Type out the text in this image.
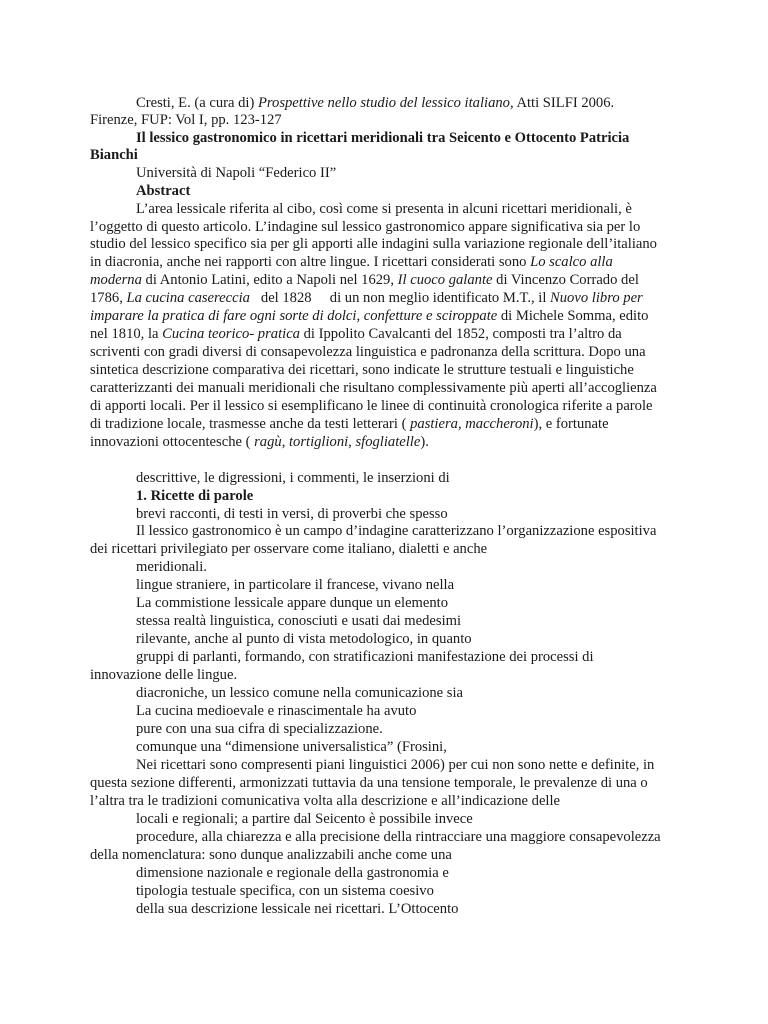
Cresti, E. (a cura di) Prospettive nello studio del lessico italiano, Atti SILFI 2006.
Firenze, FUP: Vol I, pp. 123-127
Il lessico gastronomico in ricettari meridionali tra Seicento e Ottocento Patricia
Bianchi
Università di Napoli “Federico II”
Abstract
L’area lessicale riferita al cibo, così come si presenta in alcuni ricettari meridionali, è
l’oggetto di questo articolo. L’indagine sul lessico gastronomico appare significativa sia per lo
studio del lessico specifico sia per gli apporti alle indagini sulla variazione regionale dell’italiano
in diacronia, anche nei rapporti con altre lingue. I ricettari considerati sono Lo scalco alla
moderna di Antonio Latini, edito a Napoli nel 1629, Il cuoco galante di Vincenzo Corrado del
1786, La cucina casereccia   del 1828     di un non meglio identificato M.T., il Nuovo libro per
imparare la pratica di fare ogni sorte di dolci, confetture e sciroppate di Michele Somma, edito
nel 1810, la Cucina teorico- pratica di Ippolito Cavalcanti del 1852, composti tra l’altro da
scriventi con gradi diversi di consapevolezza linguistica e padronanza della scrittura. Dopo una
sintetica descrizione comparativa dei ricettari, sono indicate le strutture testuali e linguistiche
caratterizzanti dei manuali meridionali che risultano complessivamente più aperti all’accoglienza
di apporti locali. Per il lessico si esemplificano le linee di continuità cronologica riferite a parole
di tradizione locale, trasmesse anche da testi letterari ( pastiera, maccheroni), e fortunate
innovazioni ottocentesche ( ragù, tortiglioni, sfogliatelle).
descrittive, le digressioni, i commenti, le inserzioni di
1. Ricette di parole
brevi racconti, di testi in versi, di proverbi che spesso
Il lessico gastronomico è un campo d’indagine caratterizzano l’organizzazione espositiva
dei ricettari privilegiato per osservare come italiano, dialetti e anche
meridionali.
lingue straniere, in particolare il francese, vivano nella
La commistione lessicale appare dunque un elemento
stessa realtà linguistica, conosciuti e usati dai medesimi
rilevante, anche al punto di vista metodologico, in quanto
gruppi di parlanti, formando, con stratificazioni manifestazione dei processi di
innovazione delle lingue.
diacroniche, un lessico comune nella comunicazione sia
La cucina medioevale e rinascimentale ha avuto
pure con una sua cifra di specializzazione.
comunque una “dimensione universalistica” (Frosini,
Nei ricettari sono compresenti piani linguistici 2006) per cui non sono nette e definite, in
questa sezione differenti, armonizzati tuttavia da una tensione temporale, le prevalenze di una o
l’altra tra le tradizioni comunicativa volta alla descrizione e all’indicazione delle
locali e regionali; a partire dal Seicento è possibile invece
procedure, alla chiarezza e alla precisione della rintracciare una maggiore consapevolezza
della nomenclatura: sono dunque analizzabili anche come una
dimensione nazionale e regionale della gastronomia e
tipologia testuale specifica, con un sistema coesivo
della sua descrizione lessicale nei ricettari. L’Ottocento
